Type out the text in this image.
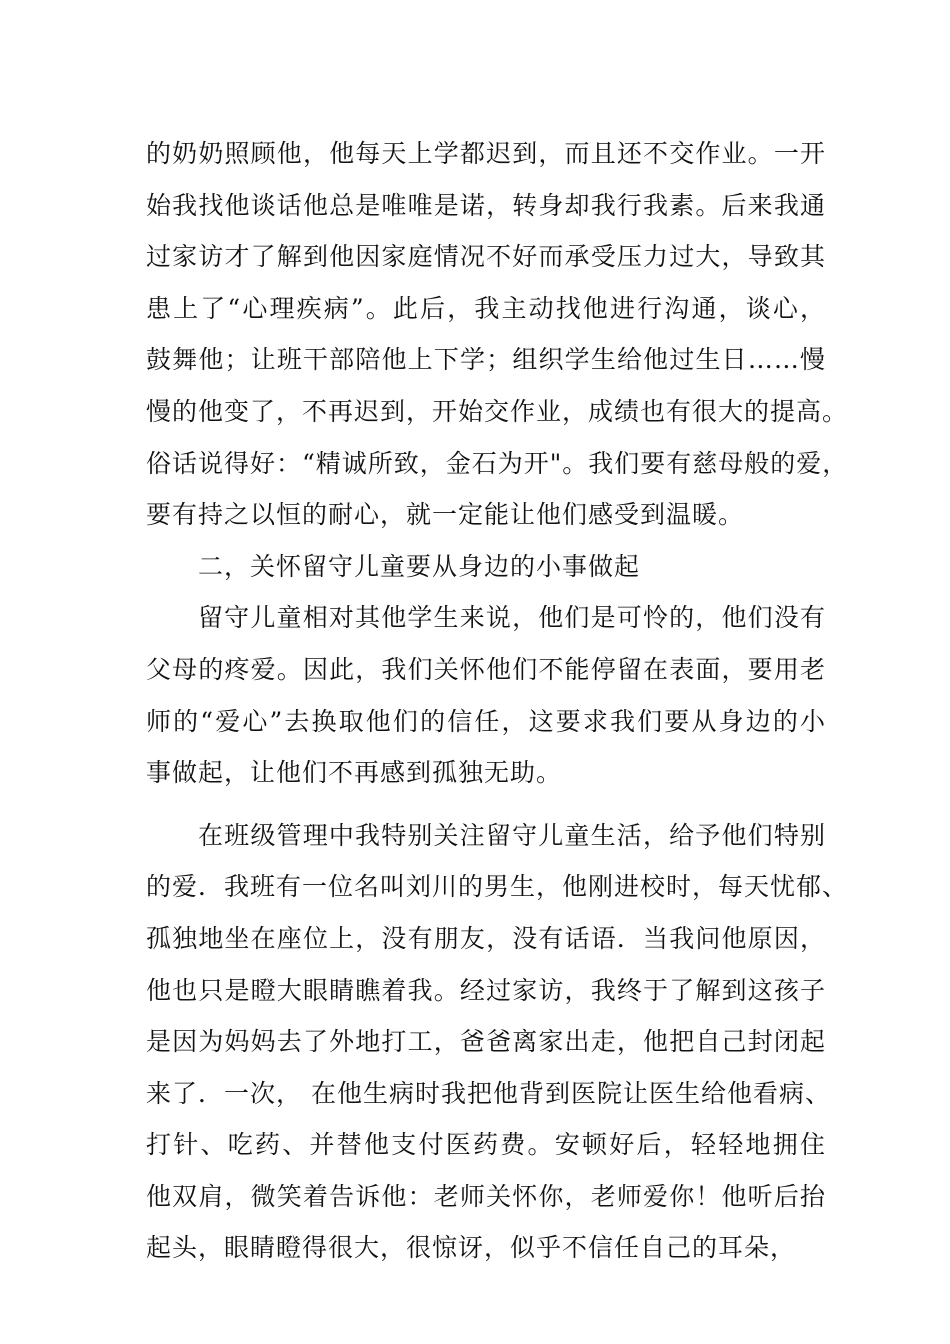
的奶奶照顾他，他每天上学都迟到，而且还不交作业。一开
始我找他谈话他总是唯唯是诺，转身却我行我素。后来我通
过家访才了解到他因家庭情况不好而承受压力过大，导致其
患上了“心理疾病”。此后，我主动找他进行沟通，谈心，
鼓舞他；让班干部陪他上下学；组织学生给他过生日……慢
慢的他变了，不再迟到，开始交作业，成绩也有很大的提高。
俗话说得好：“精诚所致，金石为开"。我们要有慈母般的爱，
要有持之以恒的耐心，就一定能让他们感受到温暖。
二，关怀留守儿童要从身边的小事做起
留守儿童相对其他学生来说，他们是可怜的，他们没有
父母的疼爱。因此，我们关怀他们不能停留在表面，要用老
师的“爱心”去换取他们的信任，这要求我们要从身边的小
事做起，让他们不再感到孤独无助。
在班级管理中我特别关注留守儿童生活，给予他们特别
的爱．我班有一位名叫刘川的男生，他刚进校时，每天忧郁、
孤独地坐在座位上，没有朋友，没有话语．当我问他原因，
他也只是瞪大眼睛瞧着我。经过家访，我终于了解到这孩子
是因为妈妈去了外地打工，爸爸离家出走，他把自己封闭起
来了．一次， 在他生病时我把他背到医院让医生给他看病、
打针、吃药、并替他支付医药费。安顿好后，轻轻地拥住
他双肩，微笑着告诉他：老师关怀你，老师爱你！他听后抬
起头，眼睛瞪得很大，很惊讶，似乎不信任自己的耳朵，
